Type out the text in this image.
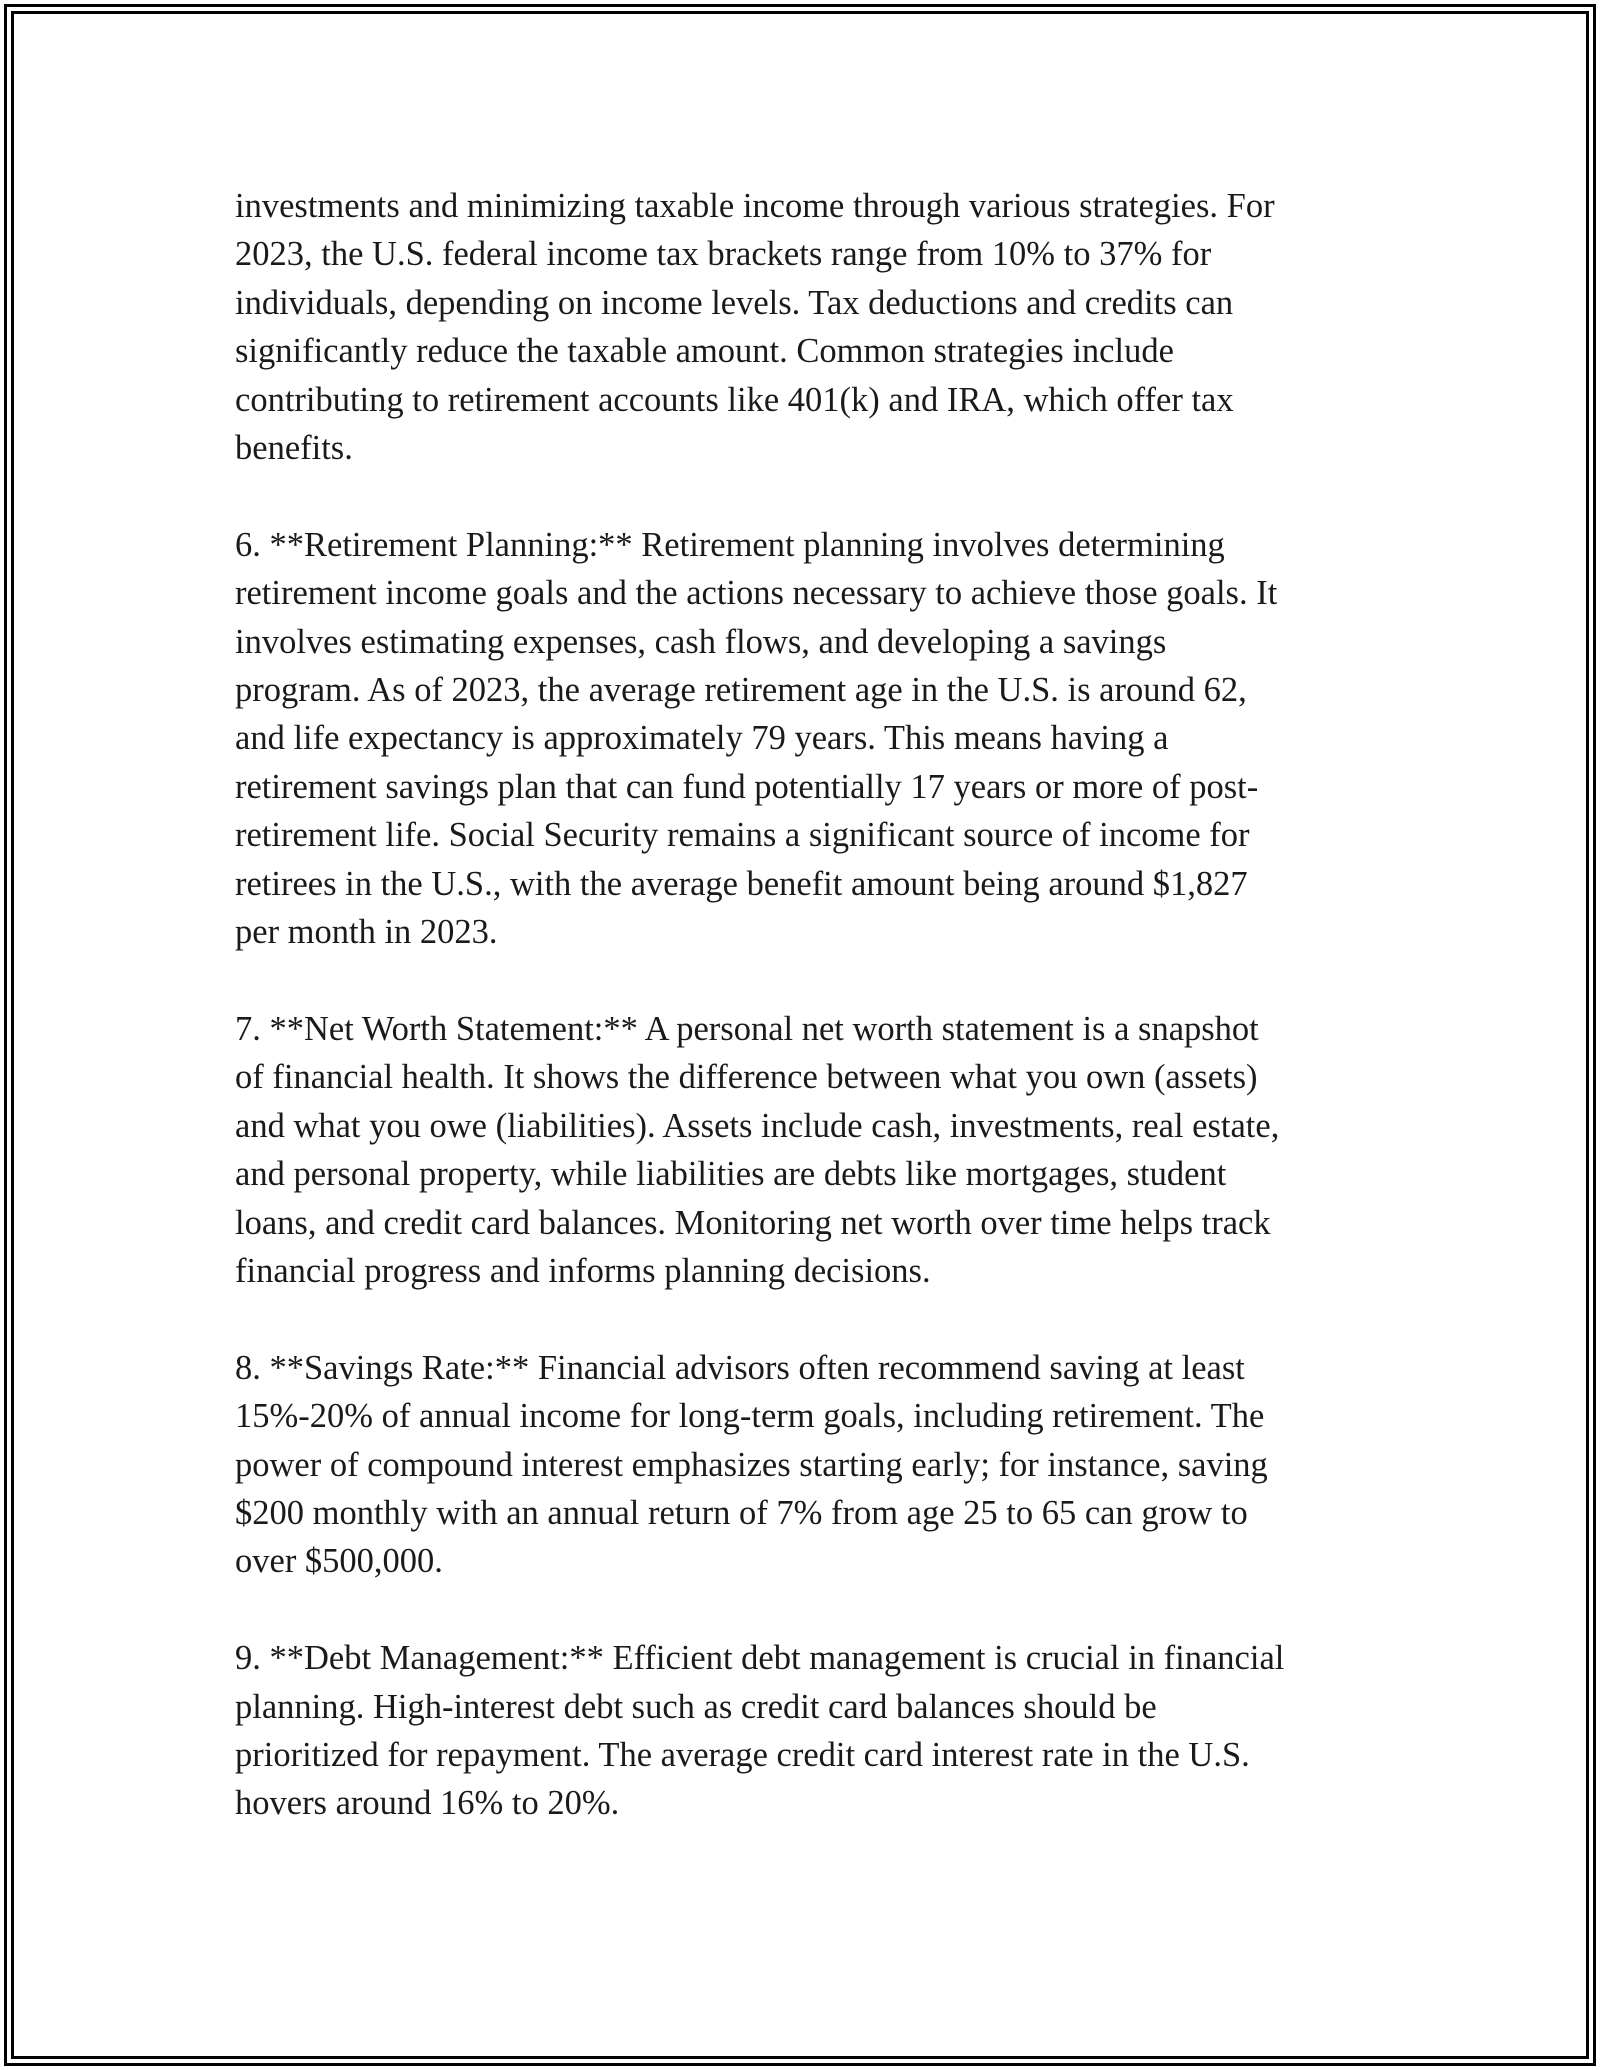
investments and minimizing taxable income through various strategies. For
2023, the U.S. federal income tax brackets range from 10% to 37% for
individuals, depending on income levels. Tax deductions and credits can
significantly reduce the taxable amount. Common strategies include
contributing to retirement accounts like 401(k) and IRA, which offer tax
benefits.

6. **Retirement Planning:** Retirement planning involves determining
retirement income goals and the actions necessary to achieve those goals. It
involves estimating expenses, cash flows, and developing a savings
program. As of 2023, the average retirement age in the U.S. is around 62,
and life expectancy is approximately 79 years. This means having a
retirement savings plan that can fund potentially 17 years or more of post-
retirement life. Social Security remains a significant source of income for
retirees in the U.S., with the average benefit amount being around $1,827
per month in 2023.

7. **Net Worth Statement:** A personal net worth statement is a snapshot
of financial health. It shows the difference between what you own (assets)
and what you owe (liabilities). Assets include cash, investments, real estate,
and personal property, while liabilities are debts like mortgages, student
loans, and credit card balances. Monitoring net worth over time helps track
financial progress and informs planning decisions.

8. **Savings Rate:** Financial advisors often recommend saving at least
15%-20% of annual income for long-term goals, including retirement. The
power of compound interest emphasizes starting early; for instance, saving
$200 monthly with an annual return of 7% from age 25 to 65 can grow to
over $500,000.

9. **Debt Management:** Efficient debt management is crucial in financial
planning. High-interest debt such as credit card balances should be
prioritized for repayment. The average credit card interest rate in the U.S.
hovers around 16% to 20%.
